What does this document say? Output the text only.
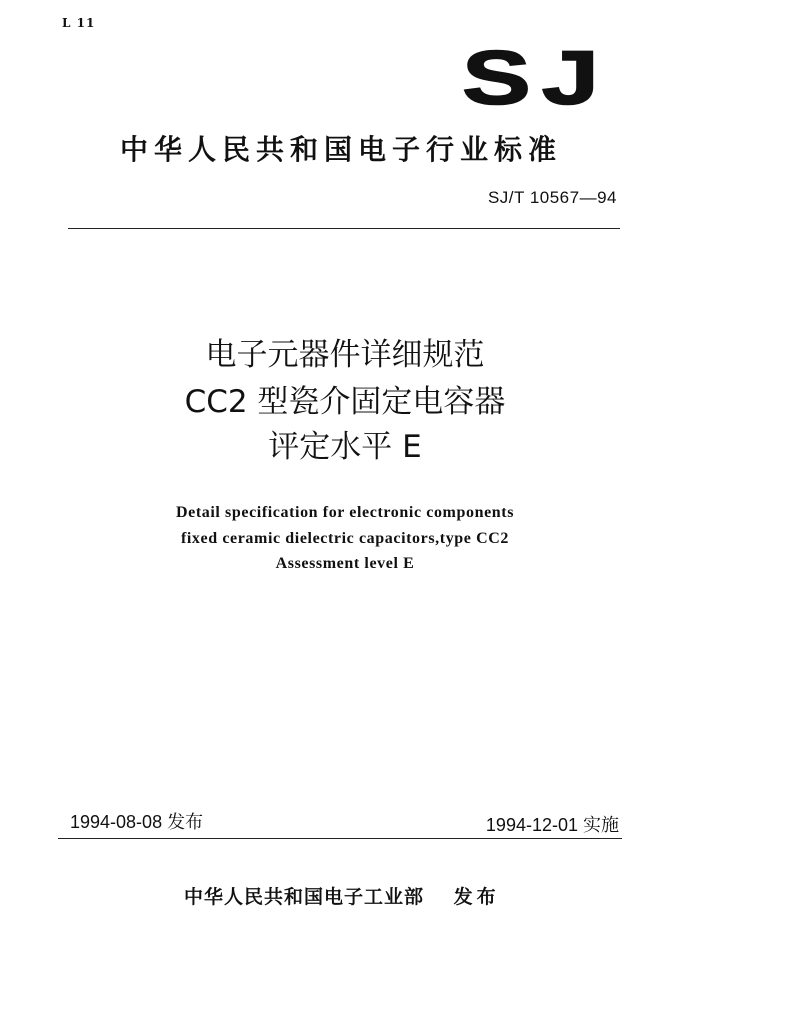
L 11
SJ
中华人民共和国电子行业标准
SJ/T 10567—94
电子元器件详细规范
CC2 型瓷介固定电容器
评定水平 E
Detail specification for electronic components
fixed ceramic dielectric capacitors,type CC2
Assessment level E
1994-08-08 发布	1994-12-01 实施
中华人民共和国电子工业部 发布
